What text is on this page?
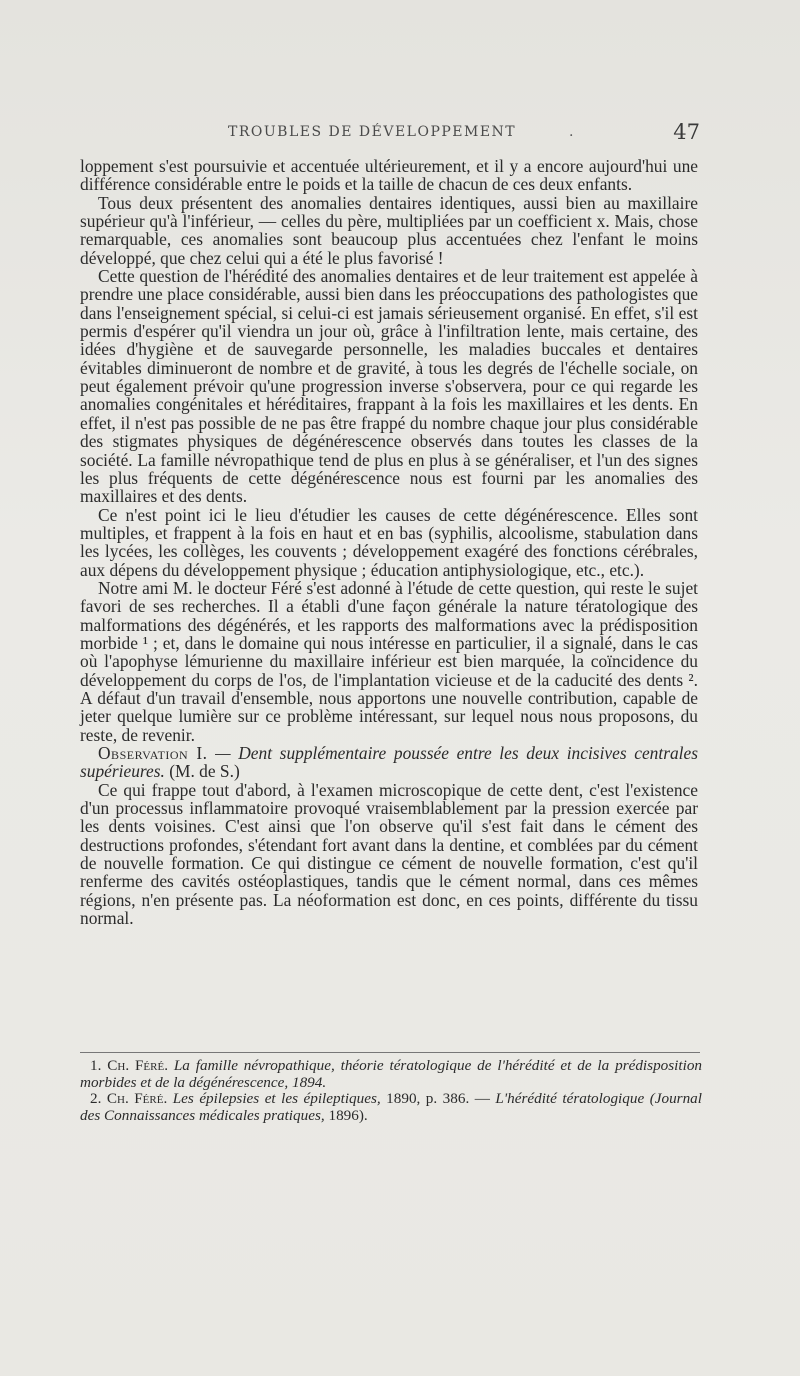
TROUBLES DE DÉVELOPPEMENT	.	47

loppement s'est poursuivie et accentuée ultérieurement, et il y a encore aujourd'hui une différence considérable entre le poids et la taille de chacun de ces deux enfants.

Tous deux présentent des anomalies dentaires identiques, aussi bien au maxillaire supérieur qu'à l'inférieur, — celles du père, multipliées par un coefficient x. Mais, chose remarquable, ces anomalies sont beaucoup plus accentuées chez l'enfant le moins développé, que chez celui qui a été le plus favorisé !

Cette question de l'hérédité des anomalies dentaires et de leur traitement est appelée à prendre une place considérable, aussi bien dans les préoccupations des pathologistes que dans l'enseignement spécial, si celui-ci est jamais sérieusement organisé. En effet, s'il est permis d'espérer qu'il viendra un jour où, grâce à l'infiltration lente, mais certaine, des idées d'hygiène et de sauvegarde personnelle, les maladies buccales et dentaires évitables diminueront de nombre et de gravité, à tous les degrés de l'échelle sociale, on peut également prévoir qu'une progression inverse s'observera, pour ce qui regarde les anomalies congénitales et héréditaires, frappant à la fois les maxillaires et les dents. En effet, il n'est pas possible de ne pas être frappé du nombre chaque jour plus considérable des stigmates physiques de dégénérescence observés dans toutes les classes de la société. La famille névropathique tend de plus en plus à se généraliser, et l'un des signes les plus fréquents de cette dégénérescence nous est fourni par les anomalies des maxillaires et des dents.

Ce n'est point ici le lieu d'étudier les causes de cette dégénérescence. Elles sont multiples, et frappent à la fois en haut et en bas (syphilis, alcoolisme, stabulation dans les lycées, les collèges, les couvents ; développement exagéré des fonctions cérébrales, aux dépens du développement physique ; éducation antiphysiologique, etc., etc.).

Notre ami M. le docteur Féré s'est adonné à l'étude de cette question, qui reste le sujet favori de ses recherches. Il a établi d'une façon générale la nature tératologique des malformations des dégénérés, et les rapports des malformations avec la prédisposition morbide ¹ ; et, dans le domaine qui nous intéresse en particulier, il a signalé, dans le cas où l'apophyse lémurienne du maxillaire inférieur est bien marquée, la coïncidence du développement du corps de l'os, de l'implantation vicieuse et de la caducité des dents ². A défaut d'un travail d'ensemble, nous apportons une nouvelle contribution, capable de jeter quelque lumière sur ce problème intéressant, sur lequel nous nous proposons, du reste, de revenir.

Observation I. — Dent supplémentaire poussée entre les deux incisives centrales supérieures. (M. de S.)

Ce qui frappe tout d'abord, à l'examen microscopique de cette dent, c'est l'existence d'un processus inflammatoire provoqué vraisemblablement par la pression exercée par les dents voisines. C'est ainsi que l'on observe qu'il s'est fait dans le cément des destructions profondes, s'étendant fort avant dans la dentine, et comblées par du cément de nouvelle formation. Ce qui distingue ce cément de nouvelle formation, c'est qu'il renferme des cavités ostéoplastiques, tandis que le cément normal, dans ces mêmes régions, n'en présente pas. La néoformation est donc, en ces points, différente du tissu normal.

1. Ch. Féré. La famille névropathique, théorie tératologique de l'hérédité et de la prédisposition morbides et de la dégénérescence, 1894.

2. Ch. Féré. Les épilepsies et les épileptiques, 1890, p. 386. — L'hérédité tératologique (Journal des Connaissances médicales pratiques, 1896).
